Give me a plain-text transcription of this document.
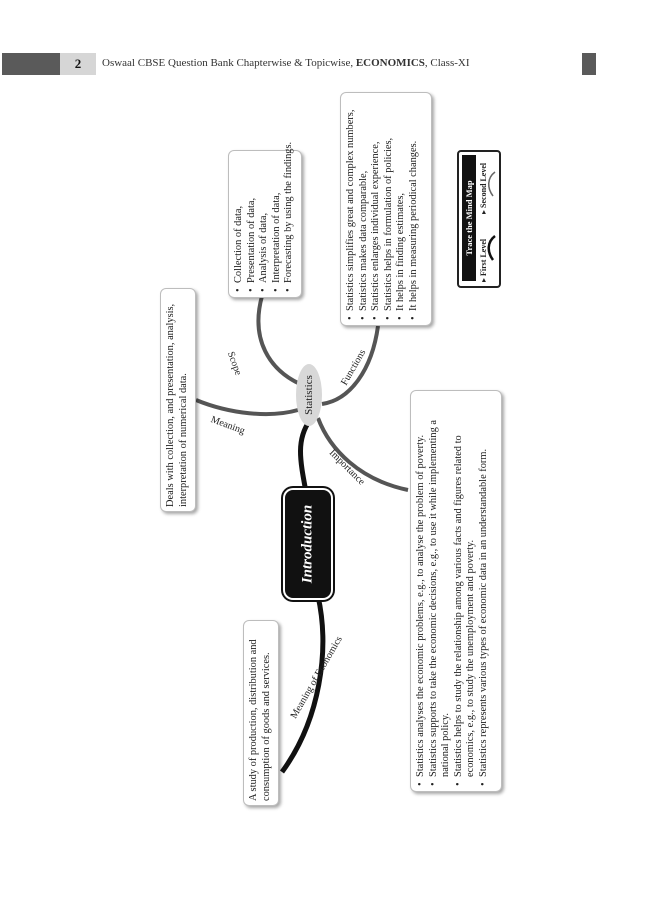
2	Oswaal CBSE Question Bank Chapterwise & Topicwise, ECONOMICS, Class-XI
A study of production, distribution and consumption of goods and services.
Deals with collection, and presentation, analysis, interpretation of numerical data.
• Collection of data, • Presentation of data, • Analysis of data, • Interpretation of data, • Forecasting by using the findings.	• Statistics simplifies great and complex numbers, • Statistics makes data comparable, • Statistics enlarges individual experience, • Statistics helps in formulation of policies, • It helps in finding estimates, • It helps in measuring periodical changes.
• Statistics analyses the economic problems, e.g., to analyse the problem of poverty. • Statistics supports to take the economic decisions, e.g., to use it while implementing a national policy. • Statistics helps to study the relationship among various facts and figures related to economics, e.g., to study the unemployment and poverty. • Statistics represents various types of economic data in an understandable form.
Statistics
Introduction
Meaning of Economics
Meaning
Scope	Functions
Importance
Trace the Mind Map
▸ First Level
▸ Second Level
